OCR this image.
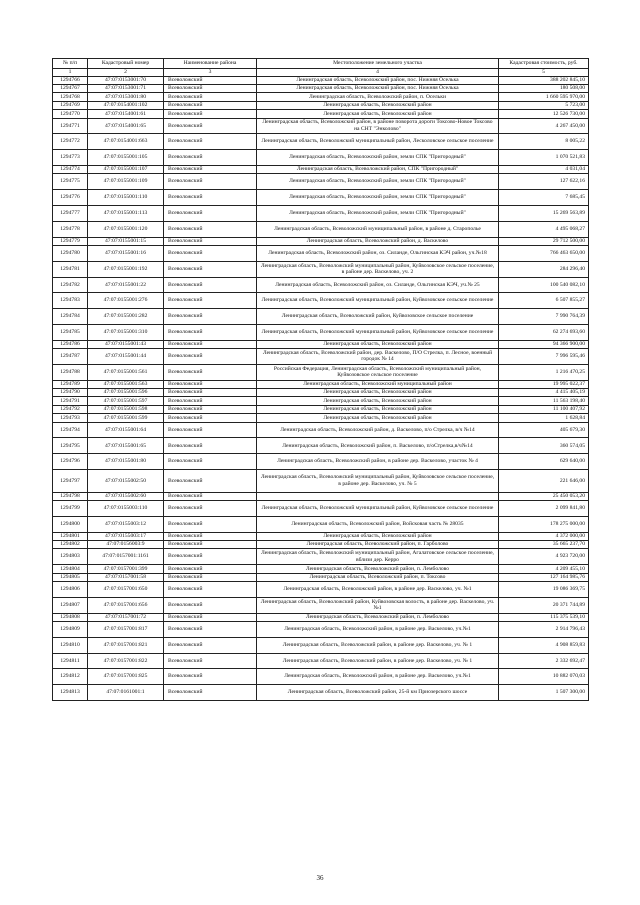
№ п/п	Кадастровый номер	Наименование района	Местоположение земельного участка	Кадастровая стоимость, руб.
1	2	3	4	5
1294766	47:07:0153001:70	Всеволожский	Ленинградская область, Всеволожский район, пос. Нижняя Оселька	388 202 845,10
1294767	47:07:0153001:71	Всеволожский	Ленинградская область, Всеволожский район, пос. Нижняя Оселька	180 508,00
1294768	47:07:0153001:80	Всеволожский	Ленинградская область, Всеволожский район, п. Осельки	1 660 595 970,00
1294769	47:07:0154001:102	Всеволожский	Ленинградская область, Всеволожский район	5 723,00
1294770	47:07:0154001:61	Всеволожский	Ленинградская область, Всеволожский район	12 526 730,00
1294771	47:07:0154001:65	Всеволожский	Ленинградская область, Всеволожский район, в районе поворота дороги Токсово-Новое Токсово на СНТ "Энколово"	4 267 450,00
1294772	47:07:0154001:663	Всеволожский	Ленинградская область, Всеволожский муниципальный район, Лесколовское сельское поселение	8 005,22
1294773	47:07:0155001:105	Всеволожский	Ленинградская область, Всеволожский район, земли СПК "Пригородный"	1 070 521,83
1294774	47:07:0155001:107	Всеволожский	Ленинградская область, Всеволожский район, СПК "Пригородный"	4 031,04
1294775	47:07:0155001:109	Всеволожский	Ленинградская область, Всеволожский район, земли СПК "Пригородный"	127 622,16
1294776	47:07:0155001:110	Всеволожский	Ленинградская область, Всеволожский район, земли СПК "Пригородный"	7 685,45
1294777	47:07:0155001:113	Всеволожский	Ленинградская область, Всеволожский район, земли СПК "Пригородный"	15 269 563,89
1294778	47:07:0155001:120	Всеволожский	Ленинградская область, Всеволожский муниципальный район, в районе д. Старополье	4 495 068,27
1294779	47:07:0155001:15	Всеволожский	Ленинградская область, Всеволожский район, д. Васкелово	29 712 500,00
1294780	47:07:0155001:16	Всеволожский	Ленинградская область, Всеволожский район, оз. Силанде, Ольгинская КЭЧ район, уч.№18	766 463 650,00
1294781	47:07:0155001:192	Всеволожский	Ленинградская область, Всеволожский муниципальный район, Куйвозовское сельское поселение, в районе дер. Васкелово, уч. 2	284 296,40
1294782	47:07:0155001:22	Всеволожский	Ленинградская область, Всеволожский район, оз. Силанде, Ольгинская КЭЧ, уч.№ 25	100 540 082,10
1294783	47:07:0155001:276	Всеволожский	Ленинградская область, Всеволожский муниципальный район, Куйвозовское сельское поселение	6 507 855,27
1294784	47:07:0155001:282	Всеволожский	Ленинградская область, Всеволожский район, Куйвозовское сельское поселение	7 990 764,39
1294785	47:07:0155001:310	Всеволожский	Ленинградская область, Всеволожский муниципальный район, Куйвозовское сельское поселение	62 274 693,60
1294786	47:07:0155001:43	Всеволожский	Ленинградская область, Всеволожский район	94 366 900,00
1294787	47:07:0155001:44	Всеволожский	Ленинградская область, Всеволожский район, дер. Васкелово, П/О Стрелка, п. Лесное, военный городок № 14	7 996 595,46
1294788	47:07:0155001:561	Всеволожский	Российская Федерация, Ленинградская область, Всеволожский муниципальный район, Куйвозовское сельское поселение	1 216 470,25
1294789	47:07:0155001:563	Всеволожский	Ленинградская область, Всеволожский муниципальный район	19 995 022,37
1294790	47:07:0155001:596	Всеволожский	Ленинградская область, Всеволожский район	4 415 405,19
1294791	47:07:0155001:597	Всеволожский	Ленинградская область, Всеволожский район	11 563 198,40
1294792	47:07:0155001:598	Всеволожский	Ленинградская область, Всеволожский район	11 100 407,92
1294793	47:07:0155001:599	Всеволожский	Ленинградская область, Всеволожский район	1 628,84
1294794	47:07:0155001:64	Всеволожский	Ленинградская область, Всеволожский район, д. Васкелово, п/о Стрелка, в/ч №14	405 679,30
1294795	47:07:0155001:65	Всеволожский	Ленинградская область, Всеволожский район, п. Васкелово, п/оСтрелка,в/ч№14	360 574,05
1294796	47:07:0155001:80	Всеволожский	Ленинградская область, Всеволожский район, в районе дер. Васкелово, участок № 4	629 640,00
1294797	47:07:0155002:50	Всеволожский	Ленинградская область, Всеволожский муниципальный район, Куйвозовское сельское поселение, в районе дер. Васкелово, уч. № 5	221 646,00
1294798	47:07:0155002:60	Всеволожский		25 450 053,20
1294799	47:07:0155003:110	Всеволожский	Ленинградская область, Всеволожский муниципальный район, Куйвозовское сельское поселение	2 099 841,80
1294800	47:07:0155003:12	Всеволожский	Ленинградская область, Всеволожский район, Войсковая часть № 28035	178 275 000,00
1294801	47:07:0155003:17	Всеволожский	Ленинградская область, Всеволожский район	4 372 000,00
1294802	47:07:0156003:9	Всеволожский	Ленинградская область, Всеволожский район, п. Гарболово	35 665 237,70
1294803	47:07:0157001:1161	Всеволожский	Ленинградская область, Всеволожский муниципальный район, Агалатовское сельское поселение, вблизи дер. Керро	4 923 720,00
1294804	47:07:0157001:399	Всеволожский	Ленинградская область, Всеволожский район, п. Лемболово	4 209 455,10
1294805	47:07:0157001:58	Всеволожский	Ленинградская область, Всеволожский район, п. Токсово	127 164 985,76
1294806	47:07:0157001:650	Всеволожский	Ленинградская область, Всеволожский район, в районе дер. Васкелово, уч. №1	19 086 369,75
1294807	47:07:0157001:656	Всеволожский	Ленинградская область, Всеволожский район, Куйвозовская волость, в районе дер. Васкелово, уч.№1	20 371 744,89
1294808	47:07:0157001:72	Всеволожский	Ленинградская область, Всеволожский район, п. Лемболово	115 375 539,10
1294809	47:07:0157001:817	Всеволожский	Ленинградская область, Всеволожский район, в районе дер. Васкелово, уч.№1	2 914 796,43
1294810	47:07:0157001:821	Всеволожский	Ленинградская область, Всеволожский район, в районе дер. Васкелово, уч. № 1	4 908 859,83
1294811	47:07:0157001:822	Всеволожский	Ленинградская область, Всеволожский район, в районе дер. Васкелово, уч. № 1	2 332 692,47
1294812	47:07:0157001:825	Всеволожский	Ленинградская область, Всеволожский район, в районе дер. Васкелово, уч.№1	10 882 070,03
1294813	47:07:0161001:1	Всеволожский	Ленинградская область, Всеволожский район, 25-й км Приозерского шоссе	1 507 300,00
36
